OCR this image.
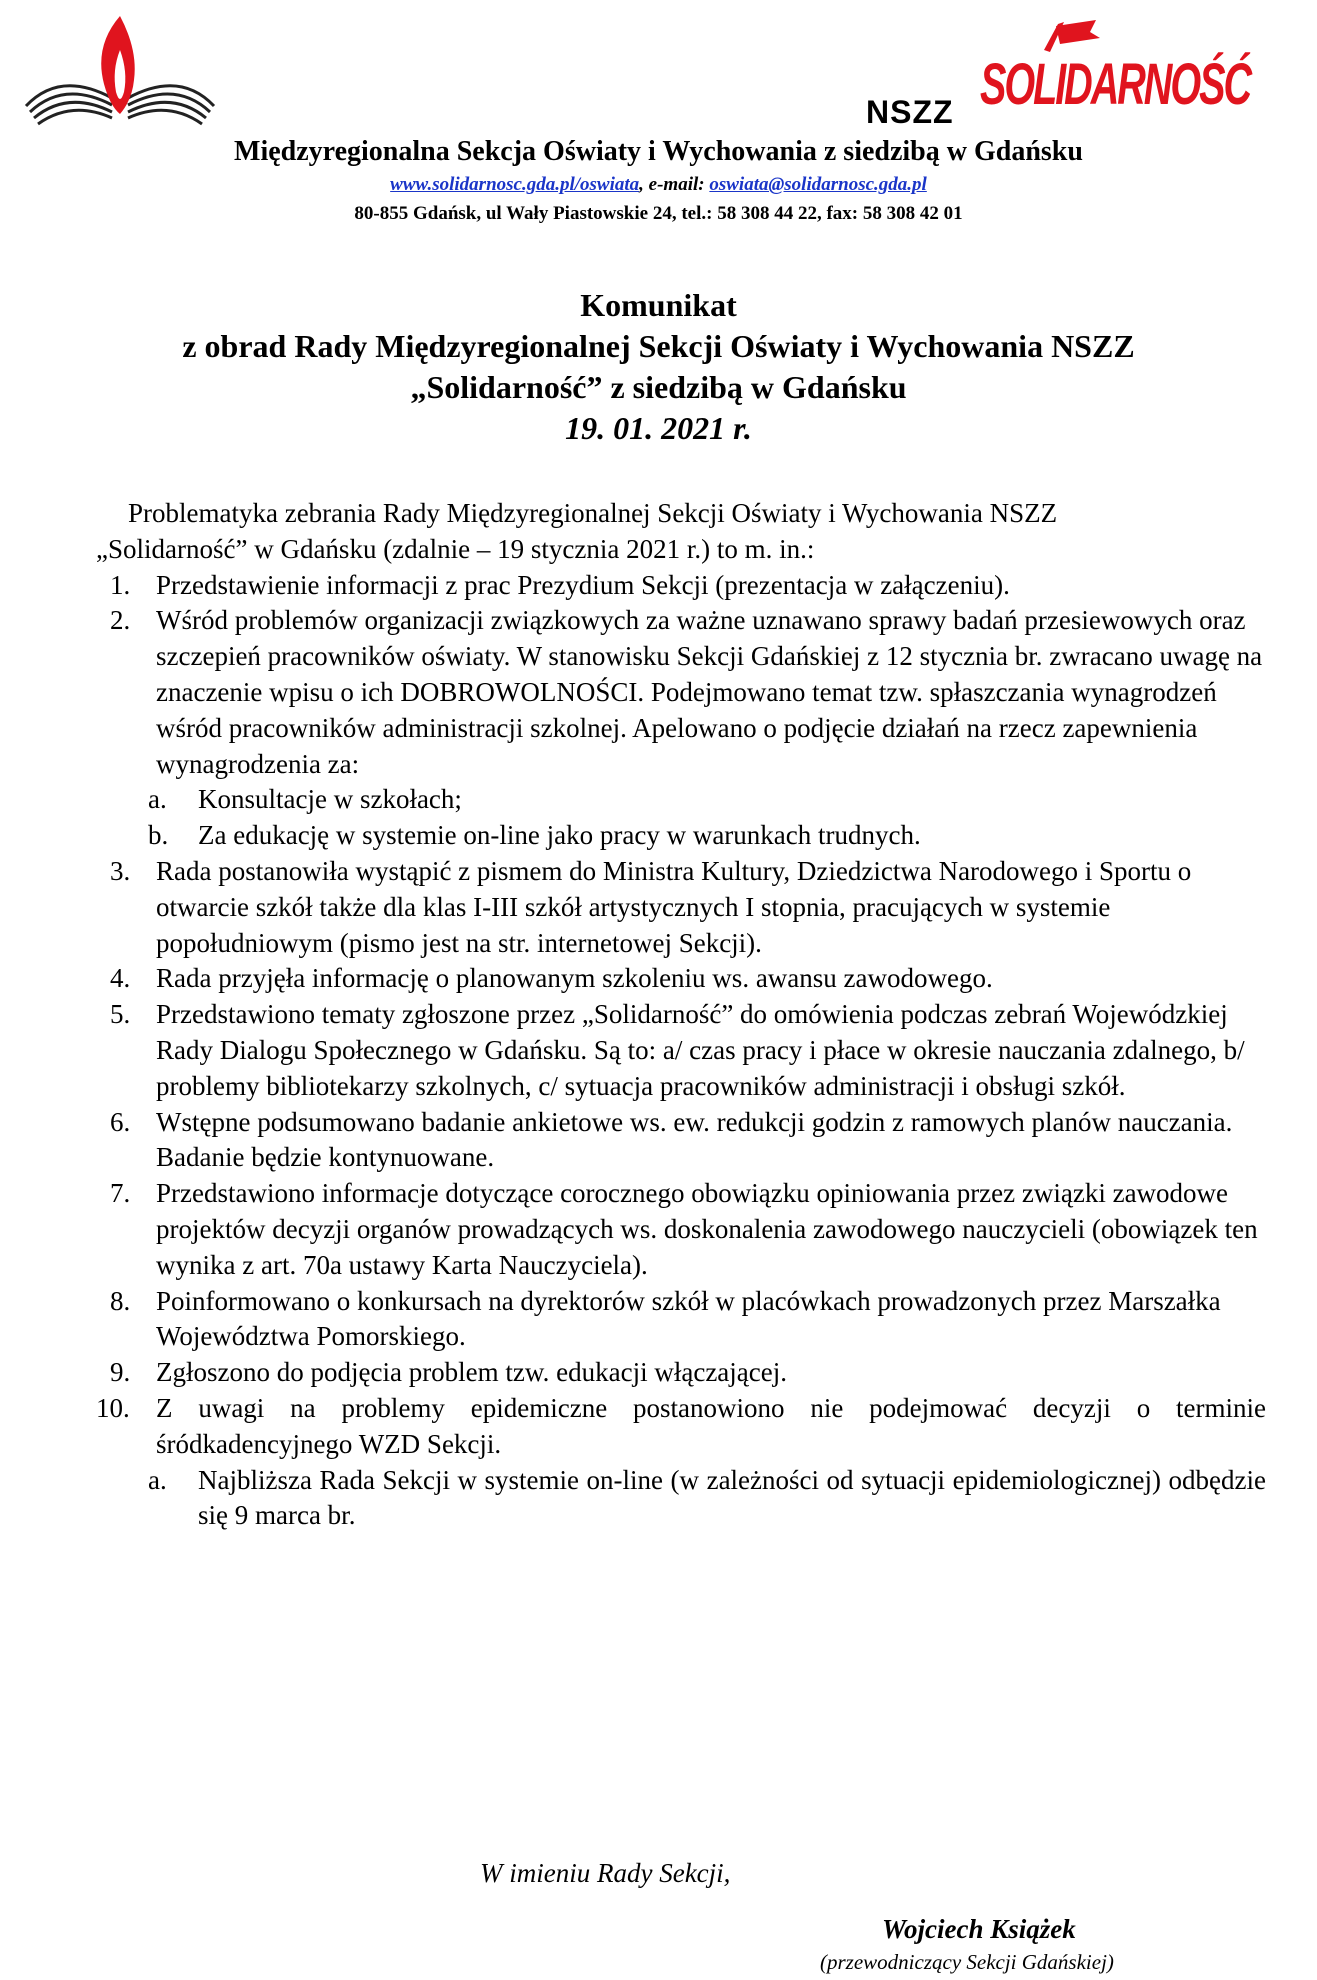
SOLIDARNOŚĆ
NSZZ
Międzyregionalna Sekcja Oświaty i Wychowania z siedzibą w Gdańsku
www.solidarnosc.gda.pl/oswiata, e-mail: oswiata@solidarnosc.gda.pl
80-855 Gdańsk, ul Wały Piastowskie 24, tel.: 58 308 44 22, fax: 58 308 42 01
Komunikat
z obrad Rady Międzyregionalnej Sekcji Oświaty i Wychowania NSZZ
„Solidarność” z siedzibą w Gdańsku
19. 01. 2021 r.
Problematyka zebrania Rady Międzyregionalnej Sekcji Oświaty i Wychowania NSZZ
„Solidarność” w Gdańsku (zdalnie – 19 stycznia 2021 r.) to m. in.:
1. Przedstawienie informacji z prac Prezydium Sekcji (prezentacja w załączeniu).
2. Wśród problemów organizacji związkowych za ważne uznawano sprawy badań przesiewowych oraz szczepień pracowników oświaty. W stanowisku Sekcji Gdańskiej z 12 stycznia br. zwracano uwagę na znaczenie wpisu o ich DOBROWOLNOŚCI. Podejmowano temat tzw. spłaszczania wynagrodzeń wśród pracowników administracji szkolnej. Apelowano o podjęcie działań na rzecz zapewnienia wynagrodzenia za:
a. Konsultacje w szkołach;
b. Za edukację w systemie on-line jako pracy w warunkach trudnych.
3. Rada postanowiła wystąpić z pismem do Ministra Kultury, Dziedzictwa Narodowego i Sportu o otwarcie szkół także dla klas I-III szkół artystycznych I stopnia, pracujących w systemie popołudniowym (pismo jest na str. internetowej Sekcji).
4. Rada przyjęła informację o planowanym szkoleniu ws. awansu zawodowego.
5. Przedstawiono tematy zgłoszone przez „Solidarność” do omówienia podczas zebrań Wojewódzkiej Rady Dialogu Społecznego w Gdańsku. Są to: a/ czas pracy i płace w okresie nauczania zdalnego, b/ problemy bibliotekarzy szkolnych, c/ sytuacja pracowników administracji i obsługi szkół.
6. Wstępne podsumowano badanie ankietowe ws. ew. redukcji godzin z ramowych planów nauczania. Badanie będzie kontynuowane.
7. Przedstawiono informacje dotyczące corocznego obowiązku opiniowania przez związki zawodowe projektów decyzji organów prowadzących ws. doskonalenia zawodowego nauczycieli (obowiązek ten wynika z art. 70a ustawy Karta Nauczyciela).
8. Poinformowano o konkursach na dyrektorów szkół w placówkach prowadzonych przez Marszałka Województwa Pomorskiego.
9. Zgłoszono do podjęcia problem tzw. edukacji włączającej.
10. Z uwagi na problemy epidemiczne postanowiono nie podejmować decyzji o terminie śródkadencyjnego WZD Sekcji.
a. Najbliższa Rada Sekcji w systemie on-line (w zależności od sytuacji epidemiologicznej) odbędzie się 9 marca br.
W imieniu Rady Sekcji,
Wojciech Książek
(przewodniczący Sekcji Gdańskiej)
